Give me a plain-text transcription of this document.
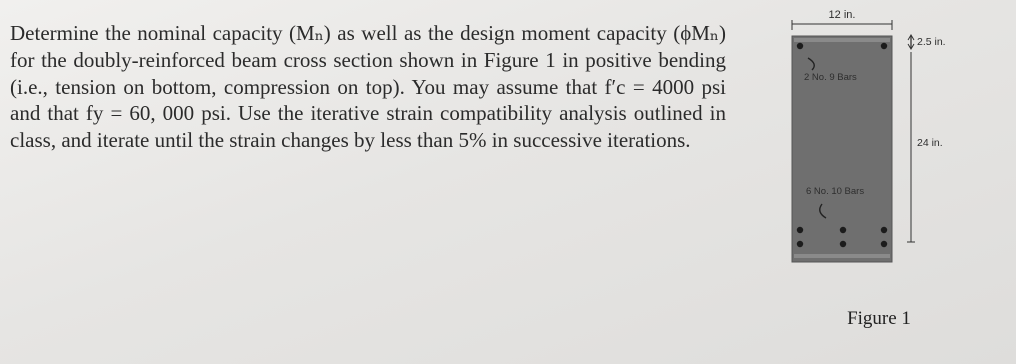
Determine the nominal capacity (Mₙ) as well as the design moment capacity (ϕMₙ) for the doubly-reinforced beam cross section shown in Figure 1 in positive bending (i.e., tension on bottom, compression on top). You may assume that f′c = 4000 psi and that fy = 60, 000 psi. Use the iterative strain compatibility analysis outlined in class, and iterate until the strain changes by less than 5% in successive iterations.

12 in.
2 No. 9 Bars
6 No. 10 Bars
2.5 in.
24 in.
Figure 1
